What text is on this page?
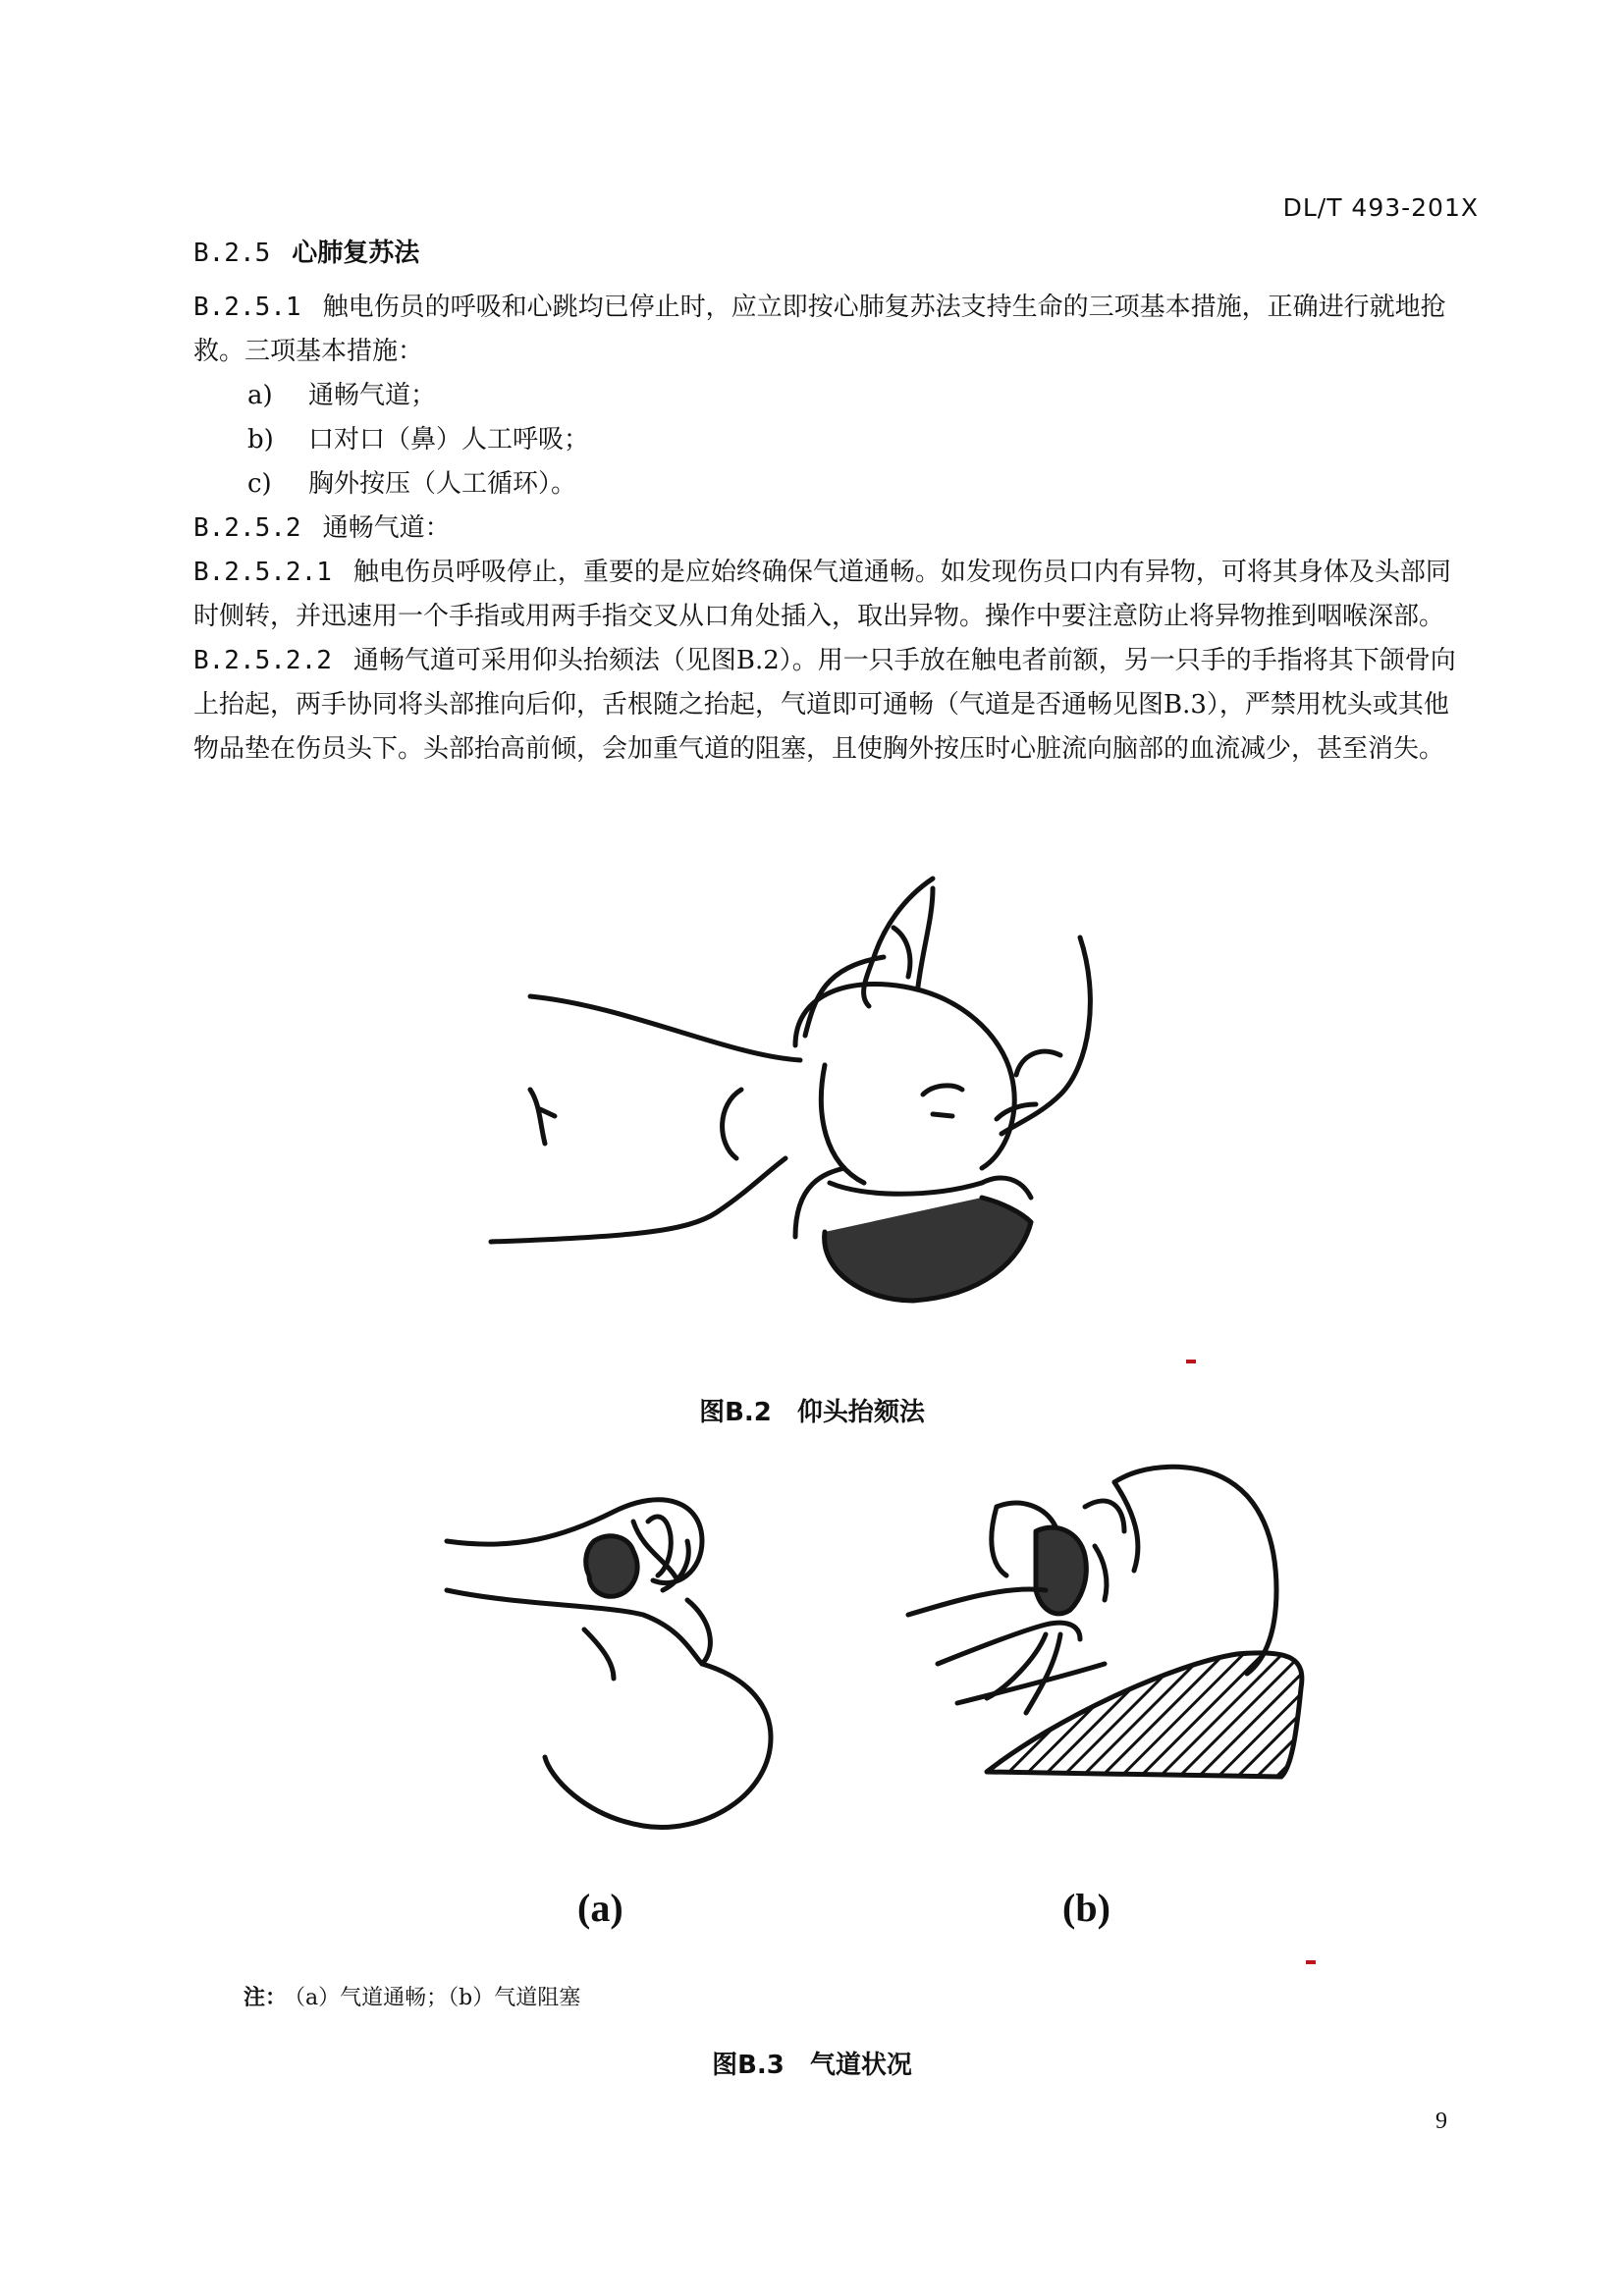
DL/T 493-201X

B.2.5 心肺复苏法

B.2.5.1 触电伤员的呼吸和心跳均已停止时，应立即按心肺复苏法支持生命的三项基本措施，正确进行就地抢救。三项基本措施：

a) 通畅气道；

b) 口对口（鼻）人工呼吸；

c) 胸外按压（人工循环）。

B.2.5.2 通畅气道：

B.2.5.2.1 触电伤员呼吸停止，重要的是应始终确保气道通畅。如发现伤员口内有异物，可将其身体及头部同时侧转，并迅速用一个手指或用两手指交叉从口角处插入，取出异物。操作中要注意防止将异物推到咽喉深部。

B.2.5.2.2 通畅气道可采用仰头抬颏法（见图B.2）。用一只手放在触电者前额，另一只手的手指将其下颌骨向上抬起，两手协同将头部推向后仰，舌根随之抬起，气道即可通畅（气道是否通畅见图B.3），严禁用枕头或其他物品垫在伤员头下。头部抬高前倾，会加重气道的阻塞，且使胸外按压时心脏流向脑部的血流减少，甚至消失。

图B.2　仰头抬颏法
(a)	(b)
注： （a）气道通畅；（b）气道阻塞
图B.3　气道状况
9
